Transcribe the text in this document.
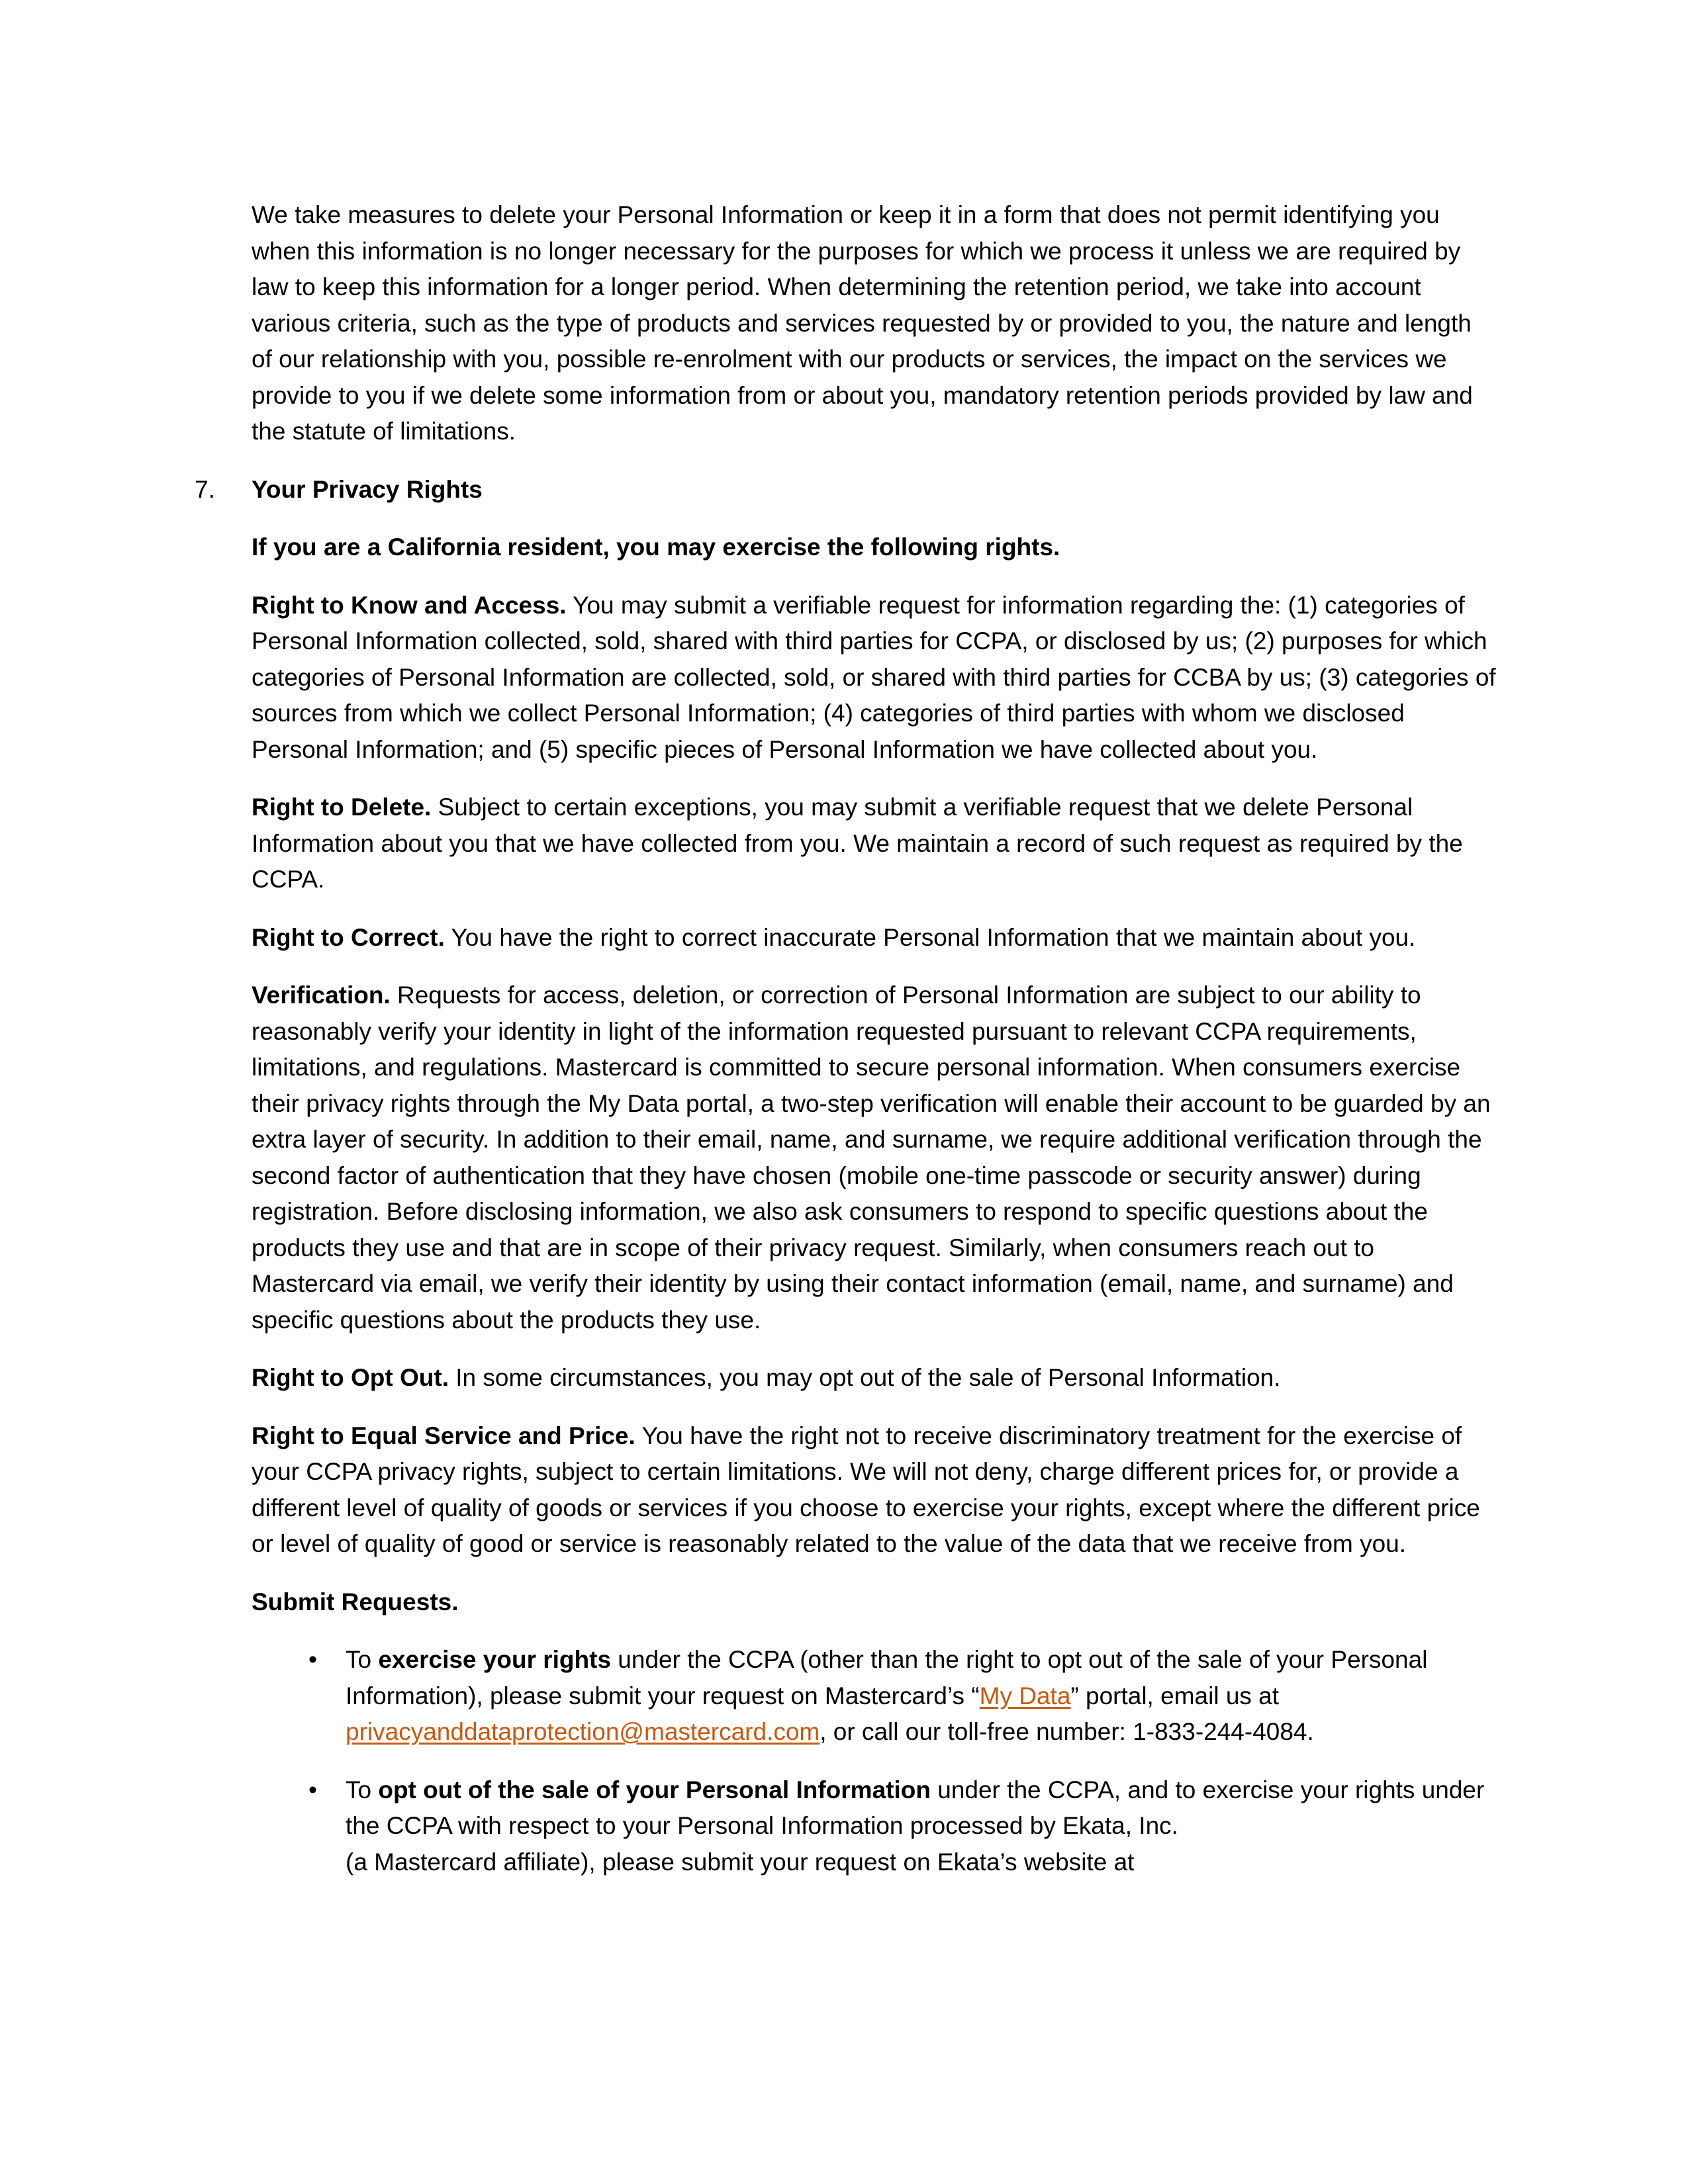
We take measures to delete your Personal Information or keep it in a form that does not permit identifying you when this information is no longer necessary for the purposes for which we process it unless we are required by law to keep this information for a longer period. When determining the retention period, we take into account various criteria, such as the type of products and services requested by or provided to you, the nature and length of our relationship with you, possible re-enrolment with our products or services, the impact on the services we provide to you if we delete some information from or about you, mandatory retention periods provided by law and the statute of limitations.

7. Your Privacy Rights

If you are a California resident, you may exercise the following rights.

Right to Know and Access. You may submit a verifiable request for information regarding the: (1) categories of Personal Information collected, sold, shared with third parties for CCPA, or disclosed by us; (2) purposes for which categories of Personal Information are collected, sold, or shared with third parties for CCBA by us; (3) categories of sources from which we collect Personal Information; (4) categories of third parties with whom we disclosed Personal Information; and (5) specific pieces of Personal Information we have collected about you.

Right to Delete. Subject to certain exceptions, you may submit a verifiable request that we delete Personal Information about you that we have collected from you. We maintain a record of such request as required by the CCPA.

Right to Correct. You have the right to correct inaccurate Personal Information that we maintain about you.

Verification. Requests for access, deletion, or correction of Personal Information are subject to our ability to reasonably verify your identity in light of the information requested pursuant to relevant CCPA requirements, limitations, and regulations. Mastercard is committed to secure personal information. When consumers exercise their privacy rights through the My Data portal, a two-step verification will enable their account to be guarded by an extra layer of security. In addition to their email, name, and surname, we require additional verification through the second factor of authentication that they have chosen (mobile one-time passcode or security answer) during registration. Before disclosing information, we also ask consumers to respond to specific questions about the products they use and that are in scope of their privacy request. Similarly, when consumers reach out to Mastercard via email, we verify their identity by using their contact information (email, name, and surname) and specific questions about the products they use.

Right to Opt Out. In some circumstances, you may opt out of the sale of Personal Information.

Right to Equal Service and Price. You have the right not to receive discriminatory treatment for the exercise of your CCPA privacy rights, subject to certain limitations. We will not deny, charge different prices for, or provide a different level of quality of goods or services if you choose to exercise your rights, except where the different price or level of quality of good or service is reasonably related to the value of the data that we receive from you.

Submit Requests.

• To exercise your rights under the CCPA (other than the right to opt out of the sale of your Personal Information), please submit your request on Mastercard’s “My Data” portal, email us at
privacyanddataprotection@mastercard.com, or call our toll-free number: 1-833-244-4084.
• To opt out of the sale of your Personal Information under the CCPA, and to exercise your rights under the CCPA with respect to your Personal Information processed by Ekata, Inc.
(a Mastercard affiliate), please submit your request on Ekata’s website at
